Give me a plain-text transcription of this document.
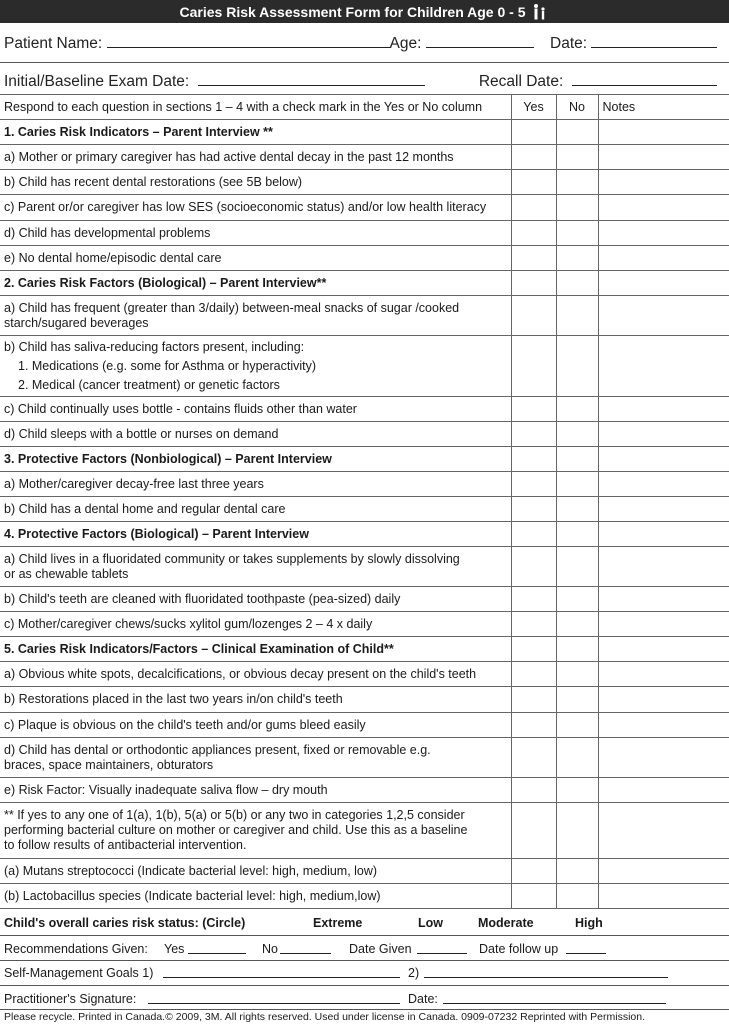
Caries Risk Assessment Form for Children Age 0 - 5
Patient Name:	Age:	Date:
Initial/Baseline Exam Date:	Recall Date:
Respond to each question in sections 1 – 4 with a check mark in the Yes or No column	Yes	No	Notes
1. Caries Risk Indicators – Parent Interview **			
a) Mother or primary caregiver has had active dental decay in the past 12 months			
b) Child has recent dental restorations (see 5B below)			
c) Parent or/or caregiver has low SES (socioeconomic status) and/or low health literacy			
d) Child has developmental problems			
e) No dental home/episodic dental care			
2. Caries Risk Factors (Biological) – Parent Interview**			

a) Child has frequent (greater than 3/daily) between-meal snacks of sugar /cooked
starch/sugared beverages			

b) Child has saliva-reducing factors present, including:
1. Medications (e.g. some for Asthma or hyperactivity)
2. Medical (cancer treatment) or genetic factors			

c) Child continually uses bottle - contains fluids other than water			
d) Child sleeps with a bottle or nurses on demand			
3. Protective Factors (Nonbiological) – Parent Interview			
a) Mother/caregiver decay-free last three years			
b) Child has a dental home and regular dental care			
4. Protective Factors (Biological) – Parent Interview			

a) Child lives in a fluoridated community or takes supplements by slowly dissolving
or as chewable tablets			

b) Child's teeth are cleaned with fluoridated toothpaste (pea-sized) daily			
c) Mother/caregiver chews/sucks xylitol gum/lozenges 2 – 4 x daily			
5. Caries Risk Indicators/Factors – Clinical Examination of Child**			
a) Obvious white spots, decalcifications, or obvious decay present on the child's teeth			
b) Restorations placed in the last two years in/on child's teeth			
c) Plaque is obvious on the child's teeth and/or gums bleed easily			

d) Child has dental or orthodontic appliances present, fixed or removable e.g.
braces, space maintainers, obturators			

e) Risk Factor: Visually inadequate saliva flow – dry mouth			

** If yes to any one of 1(a), 1(b), 5(a) or 5(b) or any two in categories 1,2,5 consider
performing bacterial culture on mother or caregiver and child. Use this as a baseline
to follow results of antibacterial intervention.			

(a) Mutans streptococci (Indicate bacterial level: high, medium, low)			
(b) Lactobacillus species (Indicate bacterial level: high, medium,low)			
Child's overall caries risk status: (Circle)	Extreme	Low	Moderate	High
Recommendations Given: Yes	No	Date Given	Date follow up
Self-Management Goals 1)	2)
Practitioner's Signature:	Date:
Please recycle. Printed in Canada.© 2009, 3M. All rights reserved. Used under license in Canada. 0909-07232 Reprinted with Permission.
